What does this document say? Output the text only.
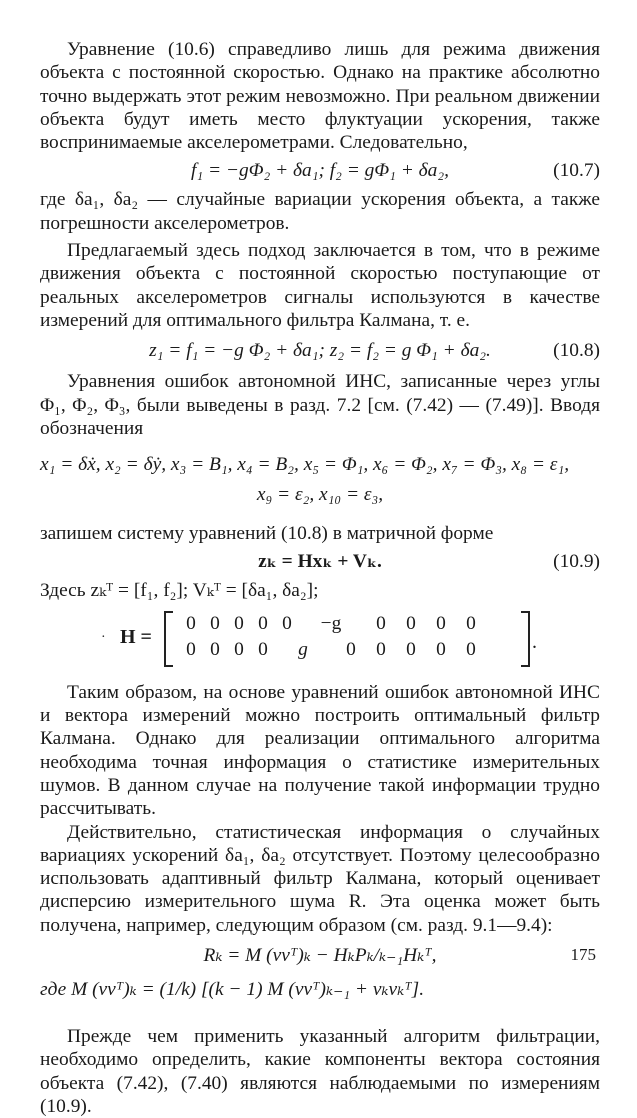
Уравнение (10.6) справедливо лишь для режима движения объекта с постоянной скоростью. Однако на практике абсолютно точно выдержать этот режим невозможно. При реальном движении объекта будут иметь место флуктуации ускорения, также воспринимаемые акселерометрами. Следовательно,

f₁ = −gΦ₂ + δa₁; f₂ = gΦ₁ + δa₂,	(10.7)

где δa₁, δa₂ — случайные вариации ускорения объекта, а также погрешности акселерометров.

Предлагаемый здесь подход заключается в том, что в режиме движения объекта с постоянной скоростью поступающие от реальных акселерометров сигналы используются в качестве измерений для оптимального фильтра Калмана, т. е.

z₁ = f₁ = −g Φ₂ + δa₁; z₂ = f₂ = g Φ₁ + δa₂.	(10.8)

Уравнения ошибок автономной ИНС, записанные через углы Φ₁, Φ₂, Φ₃, были выведены в разд. 7.2 [см. (7.42) — (7.49)]. Вводя обозначения

x₁ = δẋ, x₂ = δẏ, x₃ = B₁, x₄ = B₂, x₅ = Φ₁, x₆ = Φ₂, x₇ = Φ₃, x₈ = ε₁,
x₉ = ε₂, x₁₀ = ε₃,

запишем систему уравнений (10.8) в матричной форме

zₖ = Hxₖ + Vₖ.	(10.9)

Здесь zₖᵀ = [f₁, f₂]; Vₖᵀ = [δa₁, δa₂];

· H =
0 0 0 0 0	−g	0	0	0	0
0 0 0 0	g	0	0	0	0	0	.

Таким образом, на основе уравнений ошибок автономной ИНС и вектора измерений можно построить оптимальный фильтр Калмана. Однако для реализации оптимального алгоритма необходима точная информация о статистике измерительных шумов. В данном случае на получение такой информации трудно рассчитывать.

Действительно, статистическая информация о случайных вариациях ускорений δa₁, δa₂ отсутствует. Поэтому целесообразно использовать адаптивный фильтр Калмана, который оценивает дисперсию измерительного шума R. Эта оценка может быть получена, например, следующим образом (см. разд. 9.1—9.4):

Rₖ = M (vvᵀ)ₖ − HₖPₖ/ₖ₋₁Hₖᵀ,
где M (vvᵀ)ₖ = (1/k) [(k − 1) M (vvᵀ)ₖ₋₁ + vₖvₖᵀ].

Прежде чем применить указанный алгоритм фильтрации, необходимо определить, какие компоненты вектора состояния объекта (7.42), (7.40) являются наблюдаемыми по измерениям (10.9).

175
